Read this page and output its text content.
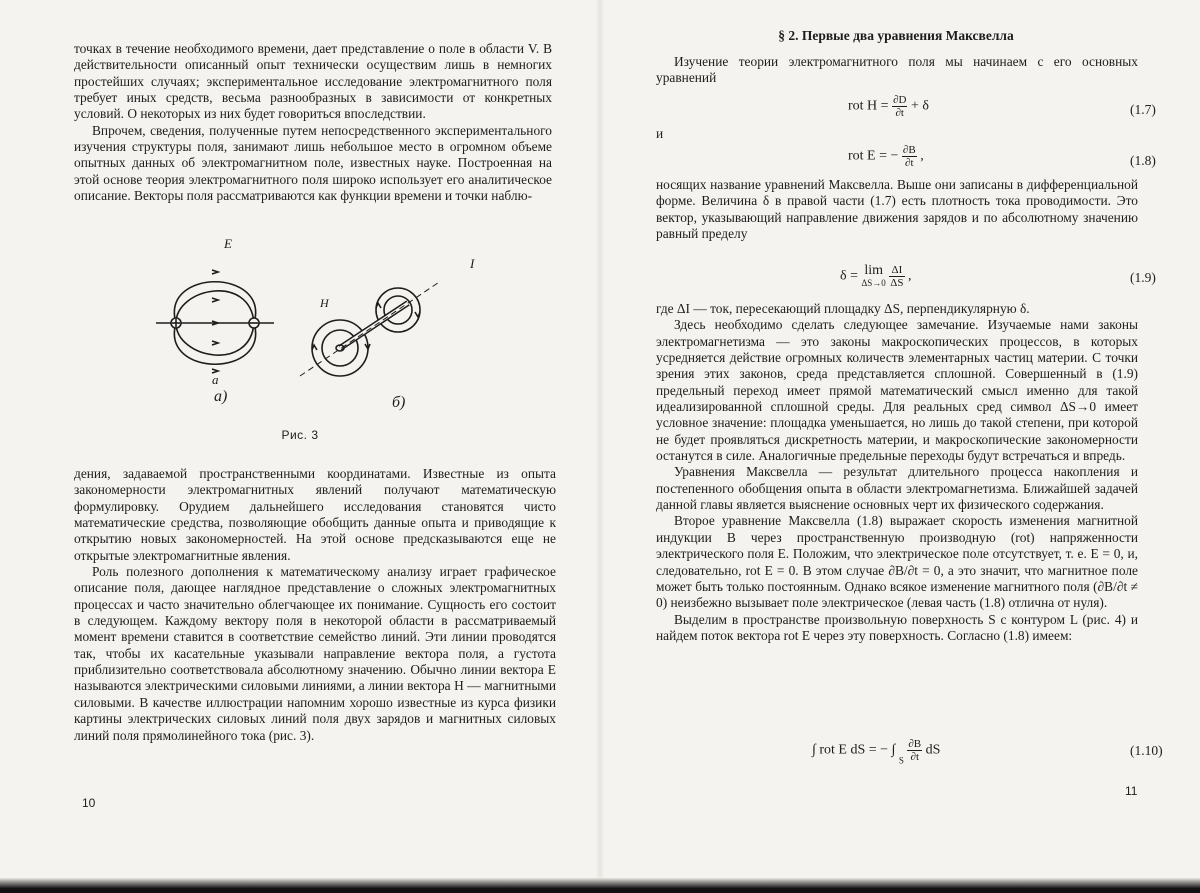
точках в течение необходимого времени, дает представление о поле в области V. В действительности описанный опыт технически осуществим лишь в немногих простейших случаях; экспериментальное исследование электромагнитного поля требует иных средств, весьма разнообразных в зависимости от конкретных условий. О некоторых из них будет говориться впоследствии.

Впрочем, сведения, полученные путем непосредственного экспериментального изучения структуры поля, занимают лишь небольшое место в огромном объеме опытных данных об электромагнитном поле, известных науке. Построенная на этой основе теория электромагнитного поля широко использует его аналитическое описание. Векторы поля рассматриваются как функции времени и точки наблю-

E
a
а)
H
I
б)
Рис. 3

дения, задаваемой пространственными координатами. Известные из опыта закономерности электромагнитных явлений получают математическую формулировку. Орудием дальнейшего исследования становятся чисто математические средства, позволяющие обобщить данные опыта и приводящие к открытию новых закономерностей. На этой основе предсказываются еще не открытые электромагнитные явления.

Роль полезного дополнения к математическому анализу играет графическое описание поля, дающее наглядное представление о сложных электромагнитных процессах и часто значительно облегчающее их понимание. Сущность его состоит в следующем. Каждому вектору поля в некоторой области в рассматриваемый момент времени ставится в соответствие семейство линий. Эти линии проводятся так, чтобы их касательные указывали направление вектора поля, а густота приблизительно соответствовала абсолютному значению. Обычно линии вектора E называются электрическими силовыми линиями, а линии вектора H — магнитными силовыми. В качестве иллюстрации напомним хорошо известные из курса физики картины электрических силовых линий поля двух зарядов и магнитных силовых линий поля прямолинейного тока (рис. 3).

10
§ 2. Первые два уравнения Максвелла

Изучение теории электромагнитного поля мы начинаем с его основных уравнений

rot $H = \frac{\partial D}{\partial t} + \delta$	(1.7)
и
rot E = − $\frac{\partial B}{\partial t}$ ,	(1.8)

носящих название уравнений Максвелла. Выше они записаны в дифференциальной форме. Величина δ в правой части (1.7) есть плотность тока проводимости. Это вектор, указывающий направление движения зарядов и по абсолютному значению равный пределу

δ = lim
ΔS→0
$\frac{\Delta I}{\Delta S}$ ,	(1.9)

где ΔI — ток, пересекающий площадку ΔS, перпендикулярную δ.

Здесь необходимо сделать следующее замечание. Изучаемые нами законы электромагнетизма — это законы макроскопических процессов, в которых усредняется действие огромных количеств элементарных частиц материи. С точки зрения этих законов, среда представляется сплошной. Совершенный в (1.9) предельный переход имеет прямой математический смысл именно для такой идеализированной сплошной среды. Для реальных сред символ ΔS→0 имеет условное значение: площадка уменьшается, но лишь до такой степени, при которой не будет проявляться дискретность материи, и макроскопические закономерности останутся в силе. Аналогичные предельные переходы будут встречаться и впредь.

Уравнения Максвелла — результат длительного процесса накопления и постепенного обобщения опыта в области электромагнетизма. Ближайшей задачей данной главы является выяснение основных черт их физического содержания.

Второе уравнение Максвелла (1.8) выражает скорость изменения магнитной индукции B через пространственную производную (rot) напряженности электрического поля E. Положим, что электрическое поле отсутствует, т. е. E = 0, и, следовательно, rot E = 0. В этом случае ∂B/∂t = 0, а это значит, что магнитное поле может быть только постоянным. Однако всякое изменение магнитного поля (∂B/∂t ≠ 0) неизбежно вызывает поле электрическое (левая часть (1.8) отлична от нуля).

Выделим в пространстве произвольную поверхность S с контуром L (рис. 4) и найдем поток вектора rot E через эту поверхность. Согласно (1.8) имеем:

∫ rot E dS = − ∫ $_S \frac{\partial B}{\partial t}$ dS	(1.10)
11
